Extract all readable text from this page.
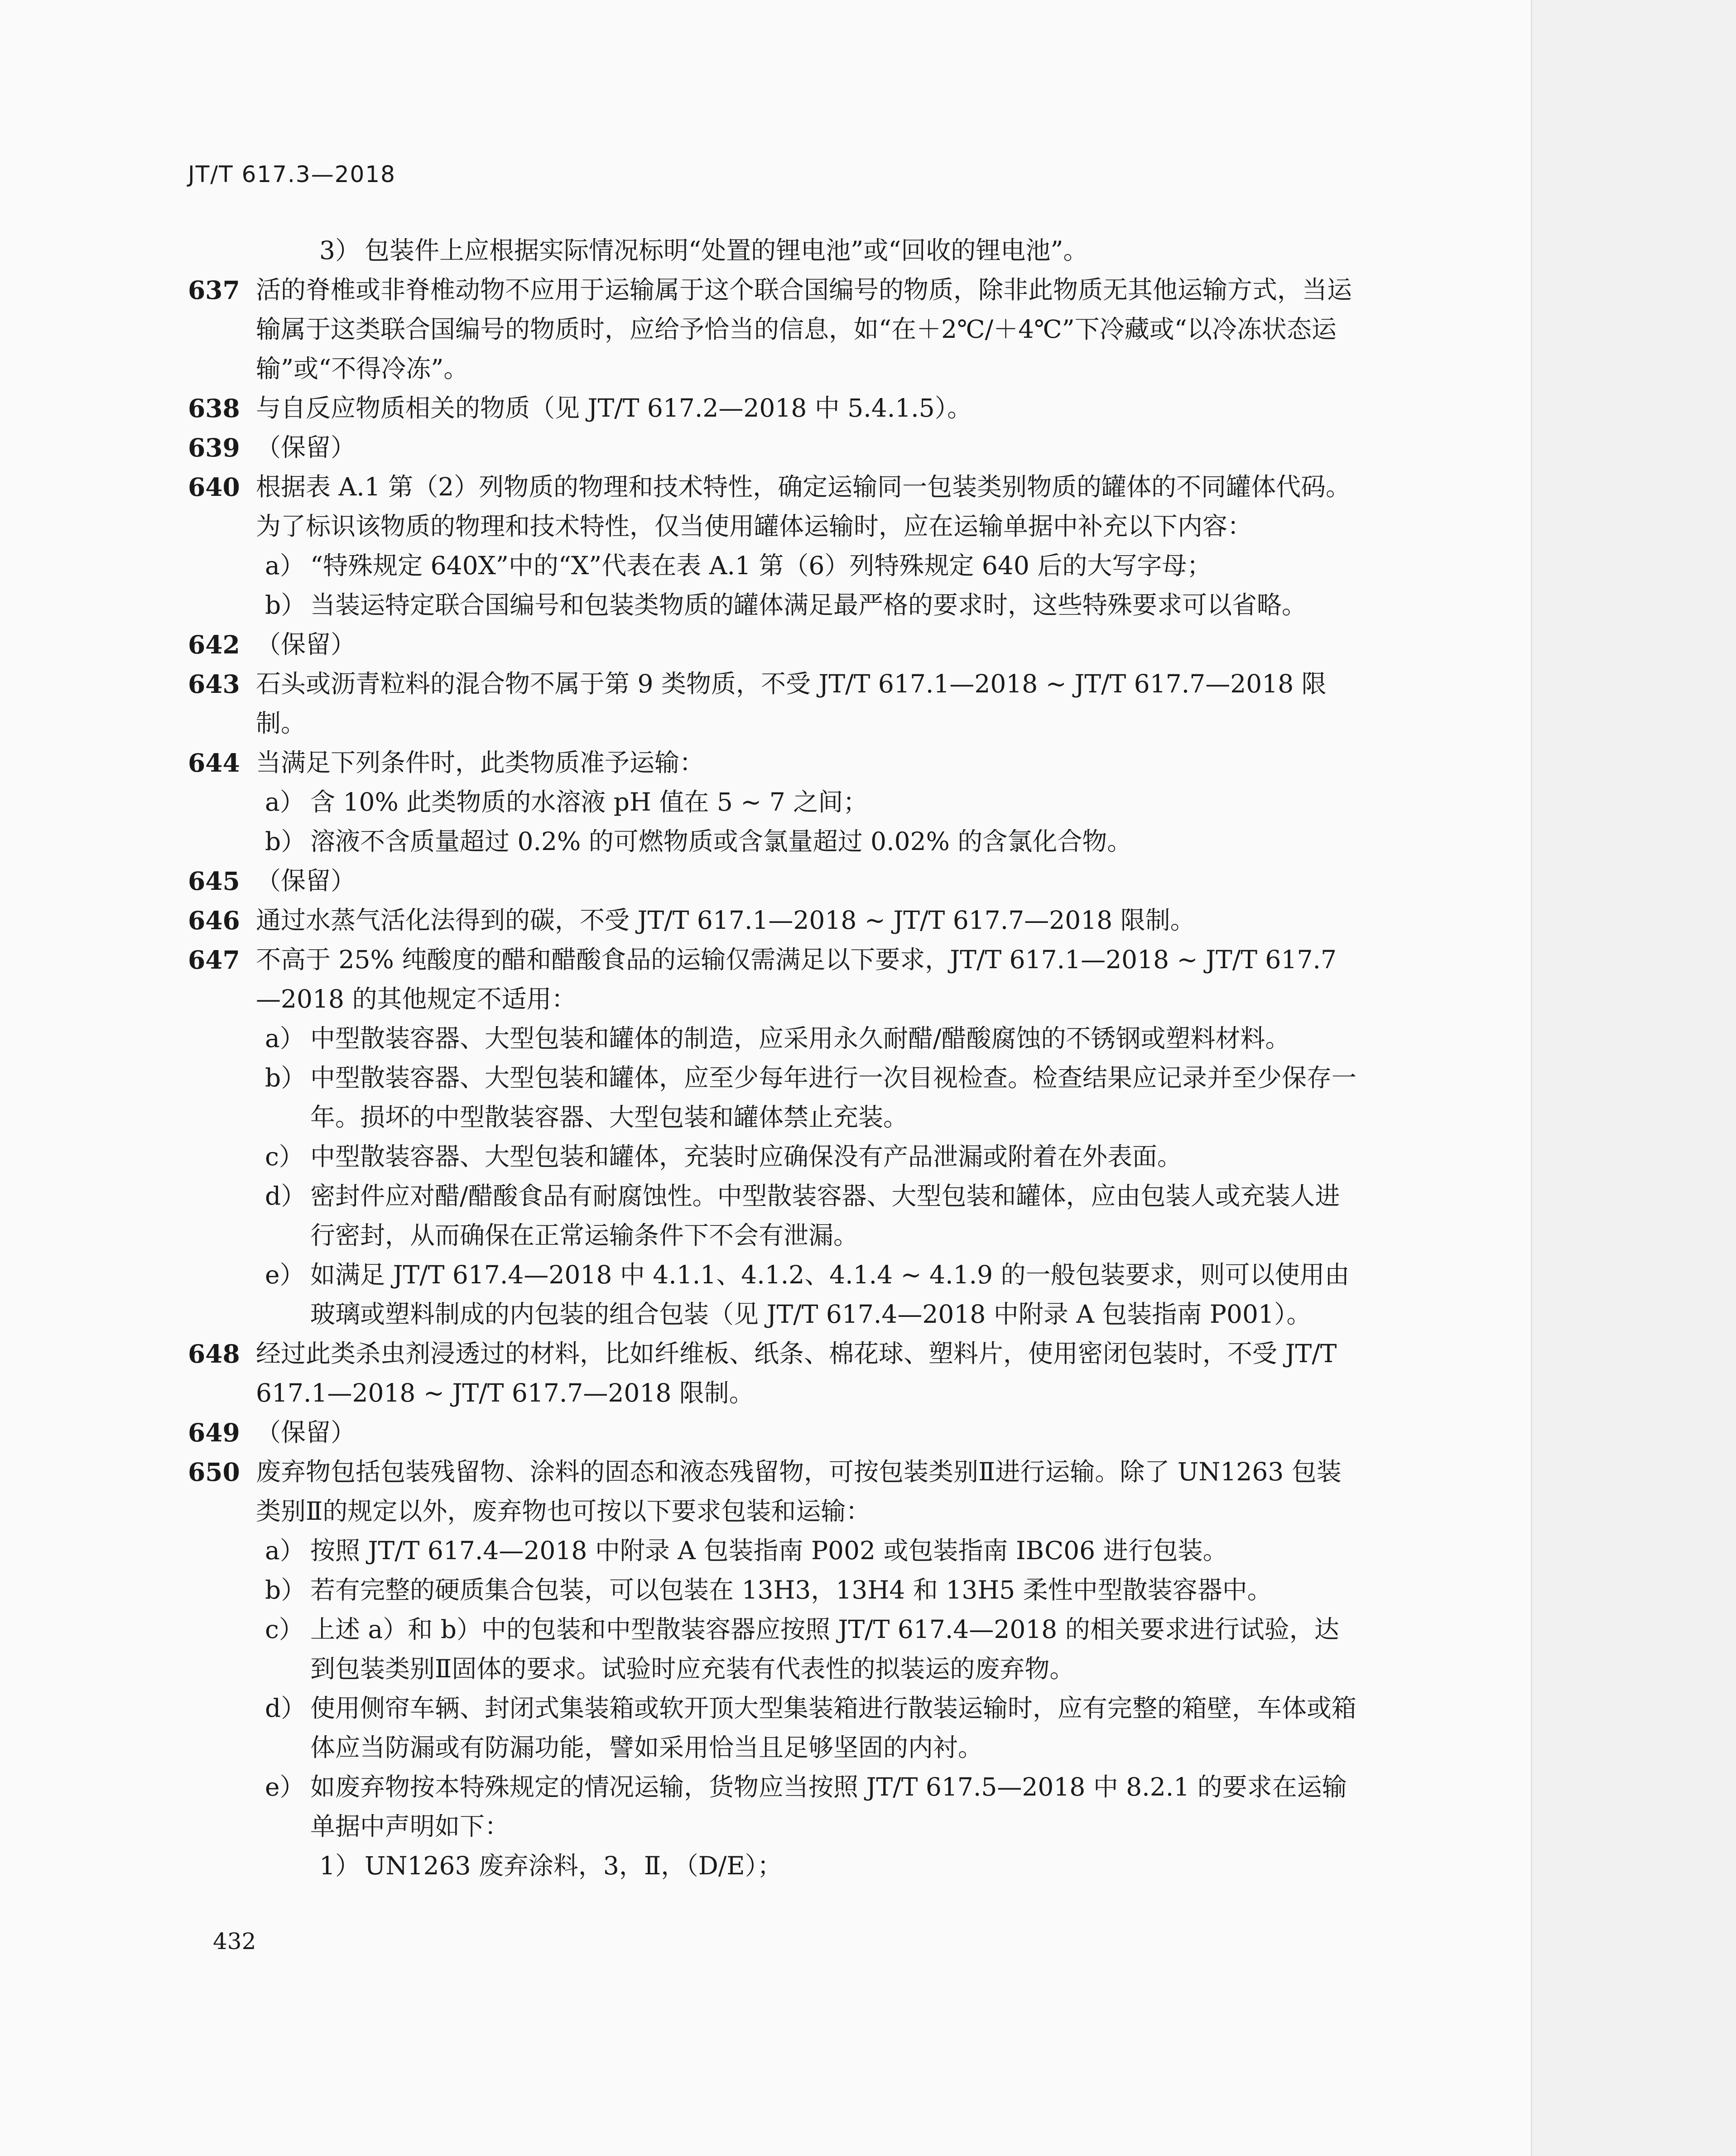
JT/T 617.3—2018
3） 包装件上应根据实际情况标明“处置的锂电池”或“回收的锂电池”。
637 活的脊椎或非脊椎动物不应用于运输属于这个联合国编号的物质，除非此物质无其他运输方式，当运输属于这类联合国编号的物质时，应给予恰当的信息，如“在＋2℃/＋4℃”下冷藏或“以冷冻状态运输”或“不得冷冻”。
638 与自反应物质相关的物质（见 JT/T 617.2—2018 中 5.4.1.5）。
639 （保留）
640 根据表 A.1 第（2）列物质的物理和技术特性，确定运输同一包装类别物质的罐体的不同罐体代码。
为了标识该物质的物理和技术特性，仅当使用罐体运输时，应在运输单据中补充以下内容：
a） “特殊规定 640X”中的“X”代表在表 A.1 第（6）列特殊规定 640 后的大写字母；
b） 当装运特定联合国编号和包装类物质的罐体满足最严格的要求时，这些特殊要求可以省略。
642 （保留）
643 石头或沥青粒料的混合物不属于第 9 类物质，不受 JT/T 617.1—2018 ~ JT/T 617.7—2018 限制。
644 当满足下列条件时，此类物质准予运输：
a） 含 10% 此类物质的水溶液 pH 值在 5 ~ 7 之间；
b） 溶液不含质量超过 0.2% 的可燃物质或含氯量超过 0.02% 的含氯化合物。
645 （保留）
646 通过水蒸气活化法得到的碳，不受 JT/T 617.1—2018 ~ JT/T 617.7—2018 限制。
647 不高于 25% 纯酸度的醋和醋酸食品的运输仅需满足以下要求，JT/T 617.1—2018 ~ JT/T 617.7—2018 的其他规定不适用：
a） 中型散装容器、大型包装和罐体的制造，应采用永久耐醋/醋酸腐蚀的不锈钢或塑料材料。
b） 中型散装容器、大型包装和罐体，应至少每年进行一次目视检查。检查结果应记录并至少保存一年。损坏的中型散装容器、大型包装和罐体禁止充装。
c） 中型散装容器、大型包装和罐体，充装时应确保没有产品泄漏或附着在外表面。
d） 密封件应对醋/醋酸食品有耐腐蚀性。中型散装容器、大型包装和罐体，应由包装人或充装人进行密封，从而确保在正常运输条件下不会有泄漏。
e） 如满足 JT/T 617.4—2018 中 4.1.1、4.1.2、4.1.4 ~ 4.1.9 的一般包装要求，则可以使用由玻璃或塑料制成的内包装的组合包装（见 JT/T 617.4—2018 中附录 A 包装指南 P001）。
648 经过此类杀虫剂浸透过的材料，比如纤维板、纸条、棉花球、塑料片，使用密闭包装时，不受 JT/T 617.1—2018 ~ JT/T 617.7—2018 限制。
649 （保留）
650 废弃物包括包装残留物、涂料的固态和液态残留物，可按包装类别Ⅱ进行运输。除了 UN1263 包装类别Ⅱ的规定以外，废弃物也可按以下要求包装和运输：
a） 按照 JT/T 617.4—2018 中附录 A 包装指南 P002 或包装指南 IBC06 进行包装。
b） 若有完整的硬质集合包装，可以包装在 13H3，13H4 和 13H5 柔性中型散装容器中。
c） 上述 a）和 b）中的包装和中型散装容器应按照 JT/T 617.4—2018 的相关要求进行试验，达到包装类别Ⅱ固体的要求。试验时应充装有代表性的拟装运的废弃物。
d） 使用侧帘车辆、封闭式集装箱或软开顶大型集装箱进行散装运输时，应有完整的箱壁，车体或箱体应当防漏或有防漏功能，譬如采用恰当且足够坚固的内衬。
e） 如废弃物按本特殊规定的情况运输，货物应当按照 JT/T 617.5—2018 中 8.2.1 的要求在运输单据中声明如下：
1） UN1263 废弃涂料，3，Ⅱ，（D/E）；
432
